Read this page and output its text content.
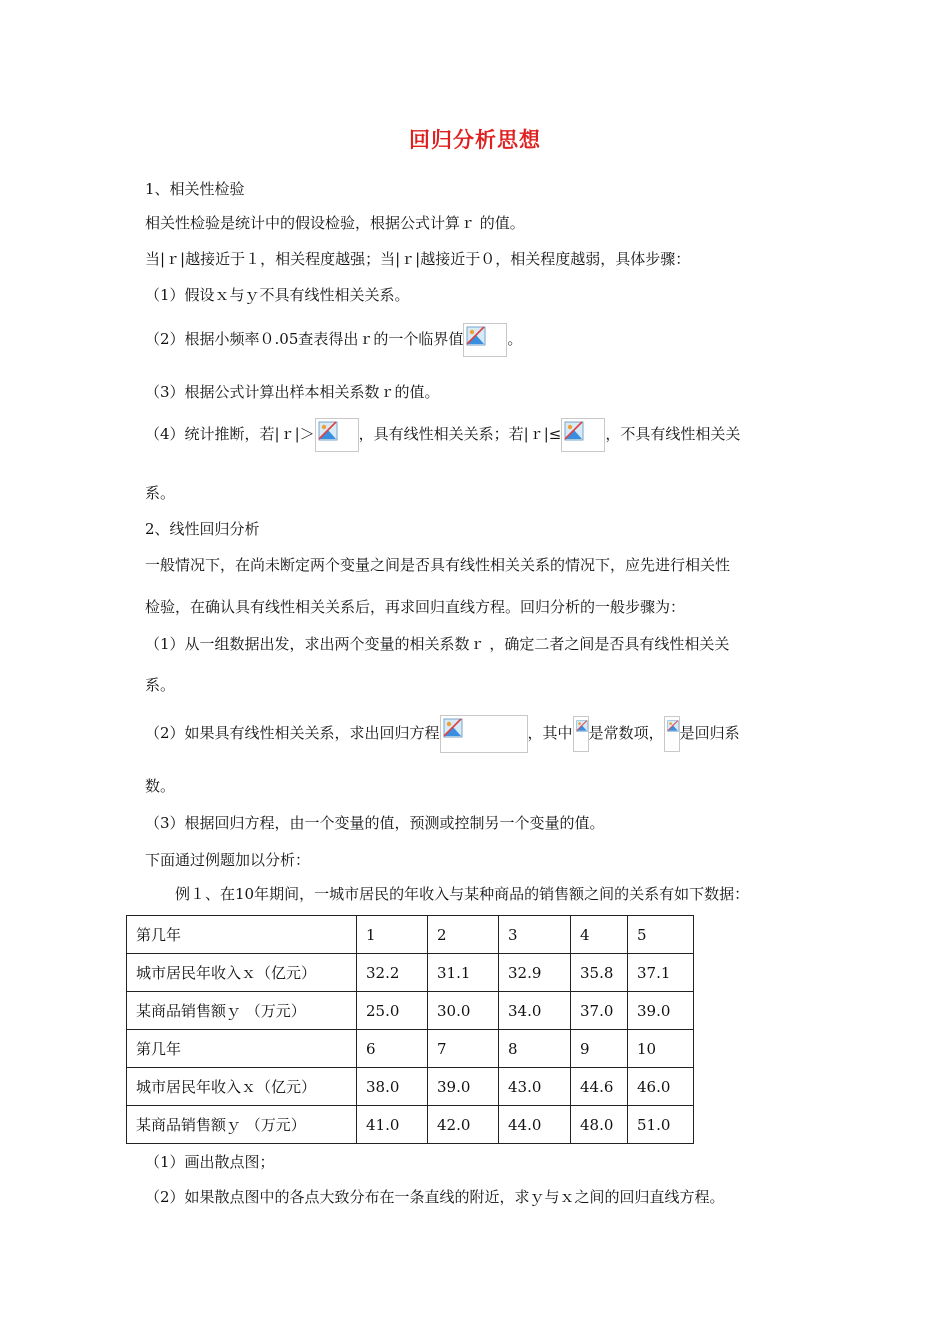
回归分析思想
1、相关性检验
相关性检验是统计中的假设检验，根据公式计算ｒ 的值。
当|ｒ|越接近于１，相关程度越强；当|ｒ|越接近于０，相关程度越弱，具体步骤：
（1）假设ｘ与ｙ不具有线性相关关系。
（2）根据小频率０.05查表得出ｒ的一个临界值	。
（3）根据公式计算出样本相关系数ｒ的值。
（4）统计推断，若|ｒ|＞	，具有线性相关关系；若|ｒ|≤	，不具有线性相关关
系。
2、线性回归分析
一般情况下，在尚未断定两个变量之间是否具有线性相关关系的情况下，应先进行相关性
检验，在确认具有线性相关关系后，再求回归直线方程。回归分析的一般步骤为：
（1）从一组数据出发，求出两个变量的相关系数ｒ ，确定二者之间是否具有线性相关关
系。
（2）如果具有线性相关关系，求出回归方程	，其中 是常数项， 是回归系
数。
（3）根据回归方程，由一个变量的值，预测或控制另一个变量的值。
下面通过例题加以分析：
例１、在10年期间，一城市居民的年收入与某种商品的销售额之间的关系有如下数据：
第几年	1	2	3	4	5
城市居民年收入ｘ（亿元）	32.2	31.1	32.9	35.8	37.1
某商品销售额ｙ （万元）	25.0	30.0	34.0	37.0	39.0
第几年	6	7	8	9	10
城市居民年收入ｘ（亿元）	38.0	39.0	43.0	44.6	46.0
某商品销售额ｙ （万元）	41.0	42.0	44.0	48.0	51.0
（1）画出散点图；
（2）如果散点图中的各点大致分布在一条直线的附近，求ｙ与ｘ之间的回归直线方程。
